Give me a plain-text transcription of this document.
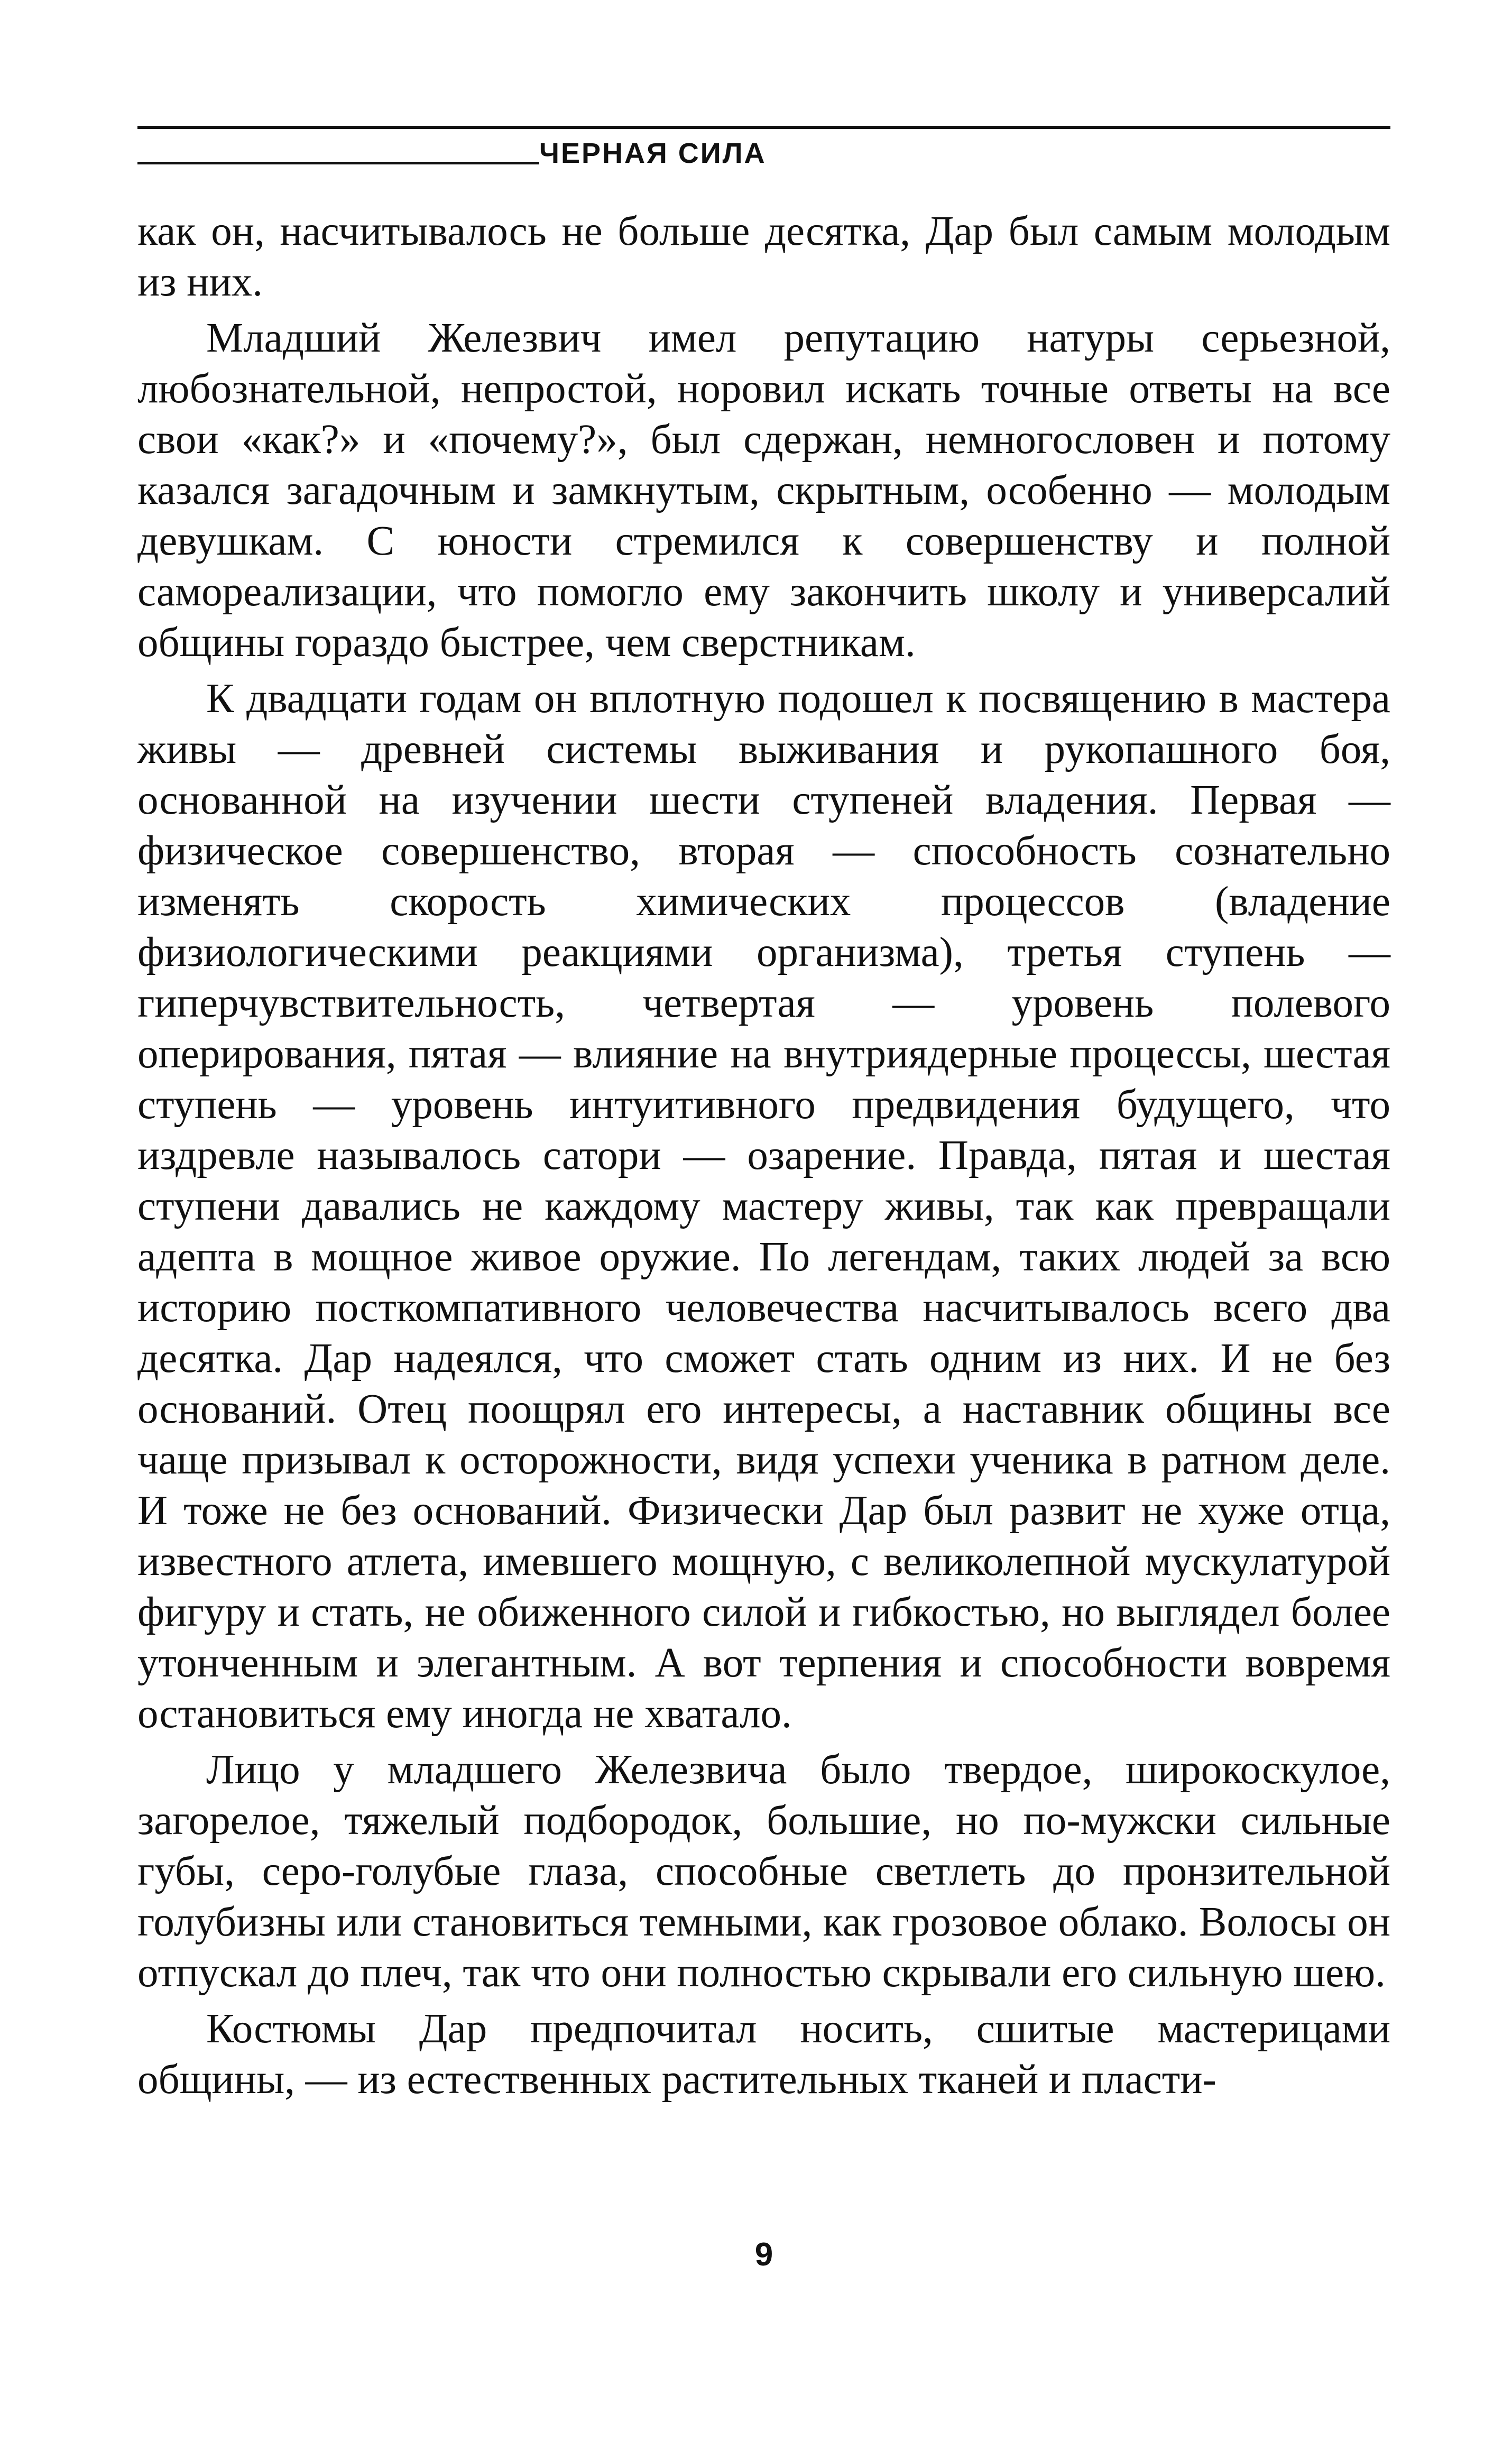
ЧЕРНАЯ СИЛА

как он, насчитывалось не больше десятка, Дар был самым молодым из них.

Младший Железвич имел репутацию натуры серьезной, любознательной, непростой, норовил искать точные ответы на все свои «как?» и «почему?», был сдержан, немногословен и потому казался загадочным и замкнутым, скрытным, особенно — молодым девушкам. С юности стремился к совершенству и полной самореализации, что помогло ему закончить школу и универсалий общины гораздо быстрее, чем сверстникам.

К двадцати годам он вплотную подошел к посвящению в мастера живы — древней системы выживания и рукопашного боя, основанной на изучении шести ступеней владения. Первая — физическое совершенство, вторая — способность сознательно изменять скорость химических процессов (владение физиологическими реакциями организма), третья ступень — гиперчувствительность, четвертая — уровень полевого оперирования, пятая — влияние на внутриядерные процессы, шестая ступень — уровень интуитивного предвидения будущего, что издревле называлось сатори — озарение. Правда, пятая и шестая ступени давались не каждому мастеру живы, так как превращали адепта в мощное живое оружие. По легендам, таких людей за всю историю посткомпативного человечества насчитывалось всего два десятка. Дар надеялся, что сможет стать одним из них. И не без оснований. Отец поощрял его интересы, а наставник общины все чаще призывал к осторожности, видя успехи ученика в ратном деле. И тоже не без оснований. Физически Дар был развит не хуже отца, известного атлета, имевшего мощную, с великолепной мускулатурой фигуру и стать, не обиженного силой и гибкостью, но выглядел более утонченным и элегантным. А вот терпения и способности вовремя остановиться ему иногда не хватало.

Лицо у младшего Железвича было твердое, широкоскулое, загорелое, тяжелый подбородок, большие, но по-мужски сильные губы, серо-голубые глаза, способные светлеть до пронзительной голубизны или становиться темными, как грозовое облако. Волосы он отпускал до плеч, так что они полностью скрывали его сильную шею.

Костюмы Дар предпочитал носить, сшитые мастерицами общины, — из естественных растительных тканей и пласти-

9
